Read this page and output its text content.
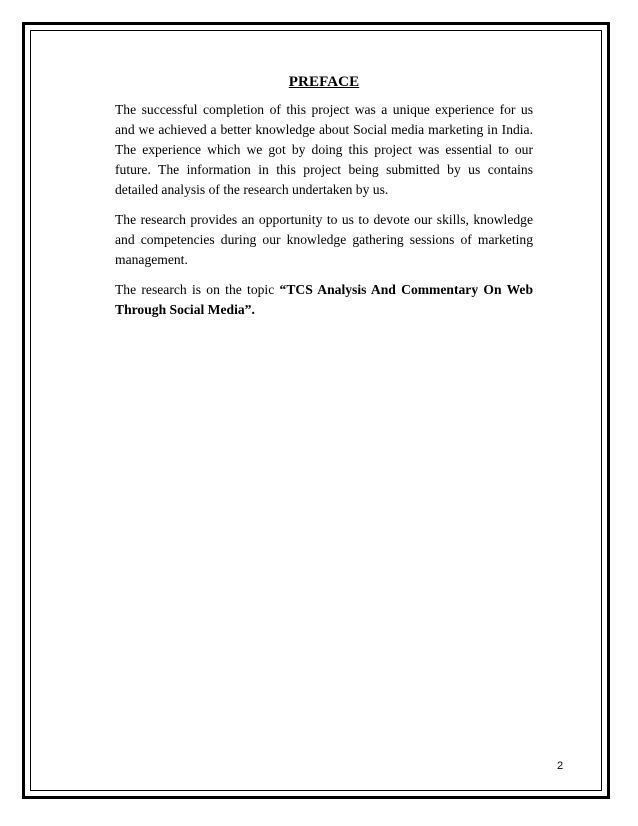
PREFACE

The successful completion of this project was a unique experience for us and we achieved a better knowledge about Social media marketing in India. The experience which we got by doing this project was essential to our future. The information in this project being submitted by us contains detailed analysis of the research undertaken by us.

The research provides an opportunity to us to devote our skills, knowledge and competencies during our knowledge gathering sessions of marketing management.

The research is on the topic “TCS Analysis And Commentary On Web Through Social Media”.

2
